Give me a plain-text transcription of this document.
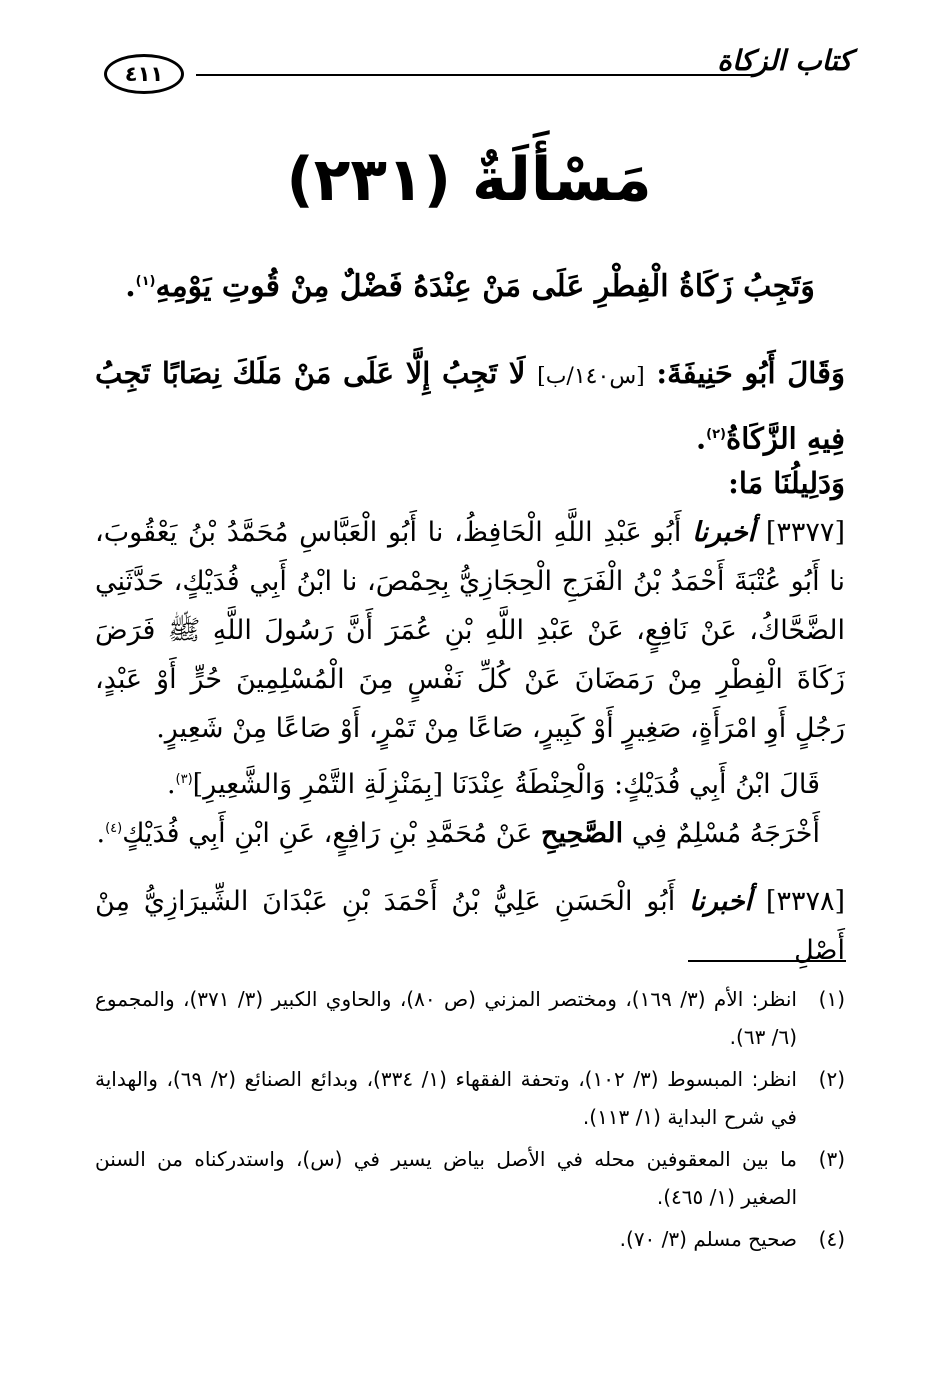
٤١١	كتاب الزكاة
مَسْأَلَةٌ (٢٣١)
وَتَجِبُ زَكَاةُ الْفِطْرِ عَلَى مَنْ عِنْدَهُ فَضْلٌ مِنْ قُوتِ يَوْمِهِ$^{(١)}$.
وَقَالَ أَبُو حَنِيفَةَ: [س١٤٠/ب] لَا تَجِبُ إِلَّا عَلَى مَنْ مَلَكَ نِصَابًا تَجِبُ فِيهِ الزَّكَاةُ$^{(٢)}$.
وَدَلِيلُنَا مَا:
[٣٣٧٧] أخبرنا أَبُو عَبْدِ اللَّهِ الْحَافِظُ، نا أَبُو الْعَبَّاسِ مُحَمَّدُ بْنُ يَعْقُوبَ، نا أَبُو عُتْبَةَ أَحْمَدُ بْنُ الْفَرَجِ الْحِجَازِيُّ بِحِمْصَ، نا ابْنُ أَبِي فُدَيْكٍ، حَدَّثَنِي الضَّحَّاكُ، عَنْ نَافِعٍ، عَنْ عَبْدِ اللَّهِ بْنِ عُمَرَ أَنَّ رَسُولَ اللَّهِ ﷺ فَرَضَ زَكَاةَ الْفِطْرِ مِنْ رَمَضَانَ عَنْ كُلِّ نَفْسٍ مِنَ الْمُسْلِمِينَ حُرٍّ أَوْ عَبْدٍ، رَجُلٍ أَوِ امْرَأَةٍ، صَغِيرٍ أَوْ كَبِيرٍ، صَاعًا مِنْ تَمْرٍ، أَوْ صَاعًا مِنْ شَعِيرٍ.
قَالَ ابْنُ أَبِي فُدَيْكٍ: وَالْحِنْطَةُ عِنْدَنَا [بِمَنْزِلَةِ التَّمْرِ وَالشَّعِيرِ]$^{(٣)}$.
أَخْرَجَهُ مُسْلِمٌ فِي الصَّحِيحِ عَنْ مُحَمَّدِ بْنِ رَافِعٍ، عَنِ ابْنِ أَبِي فُدَيْكٍ$^{(٤)}$.
[٣٣٧٨] أخبرنا أَبُو الْحَسَنِ عَلِيُّ بْنُ أَحْمَدَ بْنِ عَبْدَانَ الشِّيرَازِيُّ مِنْ أَصْلِ
(١)
انظر: الأم (٣/ ١٦٩)، ومختصر المزني (ص ٨٠)، والحاوي الكبير (٣/ ٣٧١)، والمجموع (٦/ ٦٣).
(٢)
انظر: المبسوط (٣/ ١٠٢)، وتحفة الفقهاء (١/ ٣٣٤)، وبدائع الصنائع (٢/ ٦٩)، والهداية في شرح البداية (١/ ١١٣).
(٣)
ما بين المعقوفين محله في الأصل بياض يسير في (س)، واستدركناه من السنن الصغير (١/ ٤٦٥).
(٤)
صحيح مسلم (٣/ ٧٠).
